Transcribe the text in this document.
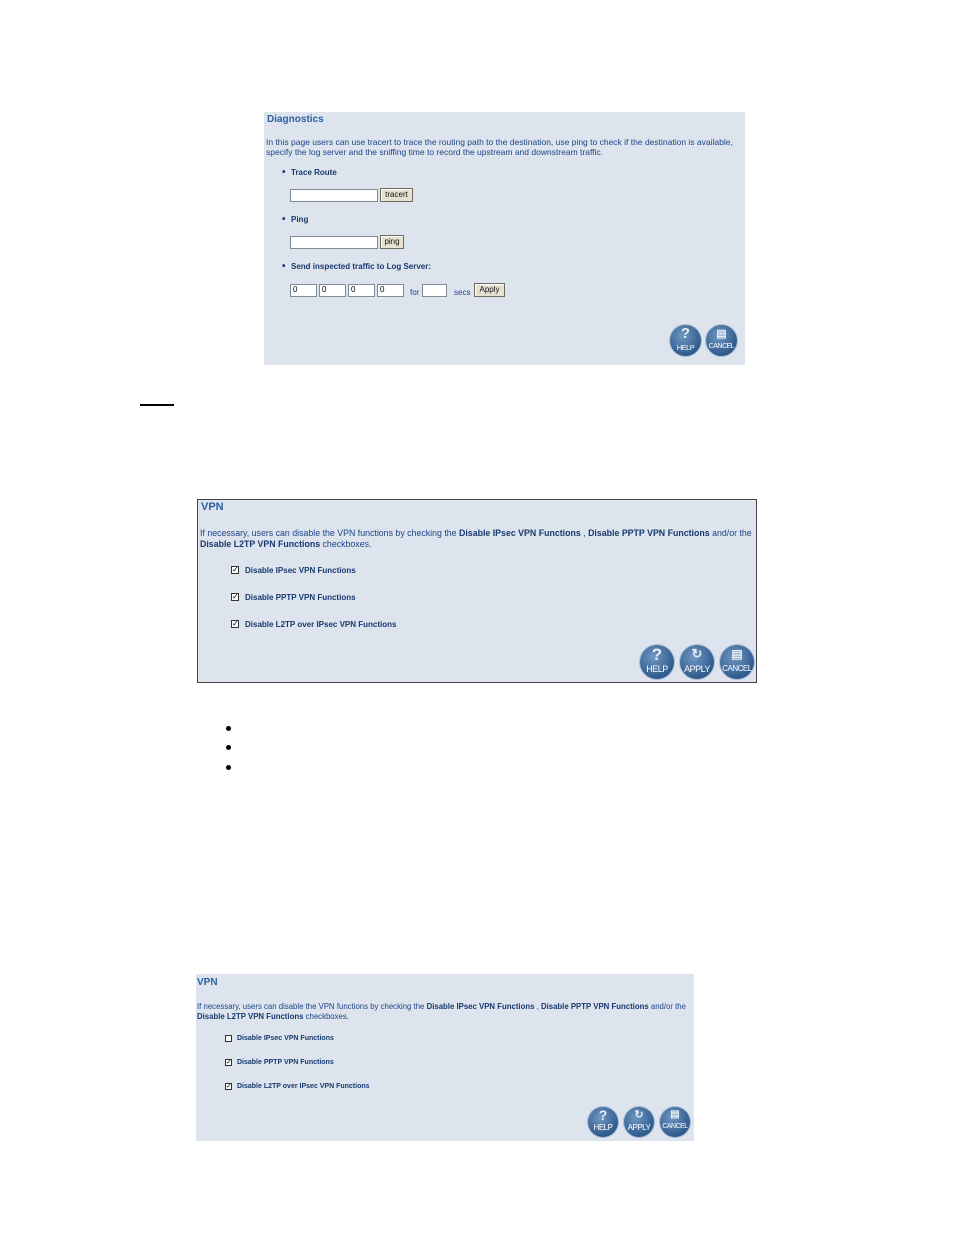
Diagnostics
In this page users can use tracert to trace the routing path to the destination, use ping to check if the destination is available, specify the log server and the sniffing time to record the upstream and downstream traffic.
• Trace Route
tracert
• Ping
ping
• Send inspected traffic to Log Server:
0	0	0	0	for	secs	Apply
?
HELP
▤
CANCEL
VPN
If necessary, users can disable the VPN functions by checking the Disable IPsec VPN Functions , Disable PPTP VPN Functions and/or the Disable L2TP VPN Functions checkboxes.
✓ Disable IPsec VPN Functions
✓ Disable PPTP VPN Functions
✓ Disable L2TP over IPsec VPN Functions
?
HELP
↻
APPLY
▤
CANCEL
VPN
If necessary, users can disable the VPN functions by checking the Disable IPsec VPN Functions , Disable PPTP VPN Functions and/or the Disable L2TP VPN Functions checkboxes.
Disable IPsec VPN Functions
✓ Disable PPTP VPN Functions
✓ Disable L2TP over IPsec VPN Functions
?
HELP
↻
APPLY
▤
CANCEL
